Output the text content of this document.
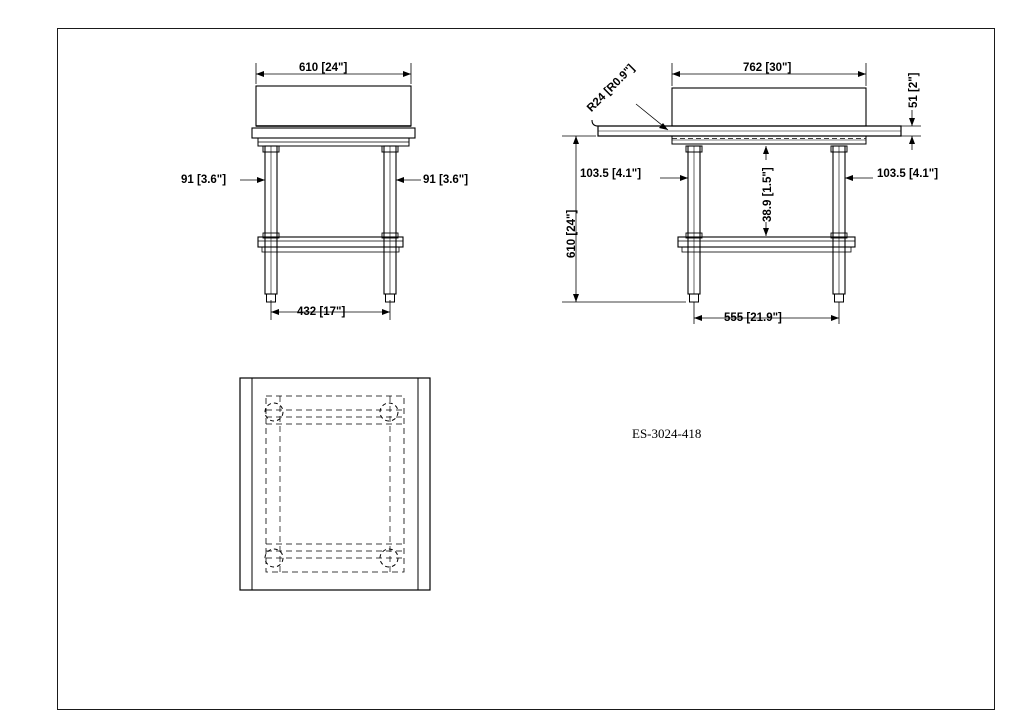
610 [24"]
91 [3.6"]	91 [3.6"]
432 [17"]
R24 [R0.9"]	762 [30"]
51 [2"]
610 [24"]
103.5 [4.1"]	103.5 [4.1"]
38.9 [1.5"]
555 [21.9"]
ES-3024-418
